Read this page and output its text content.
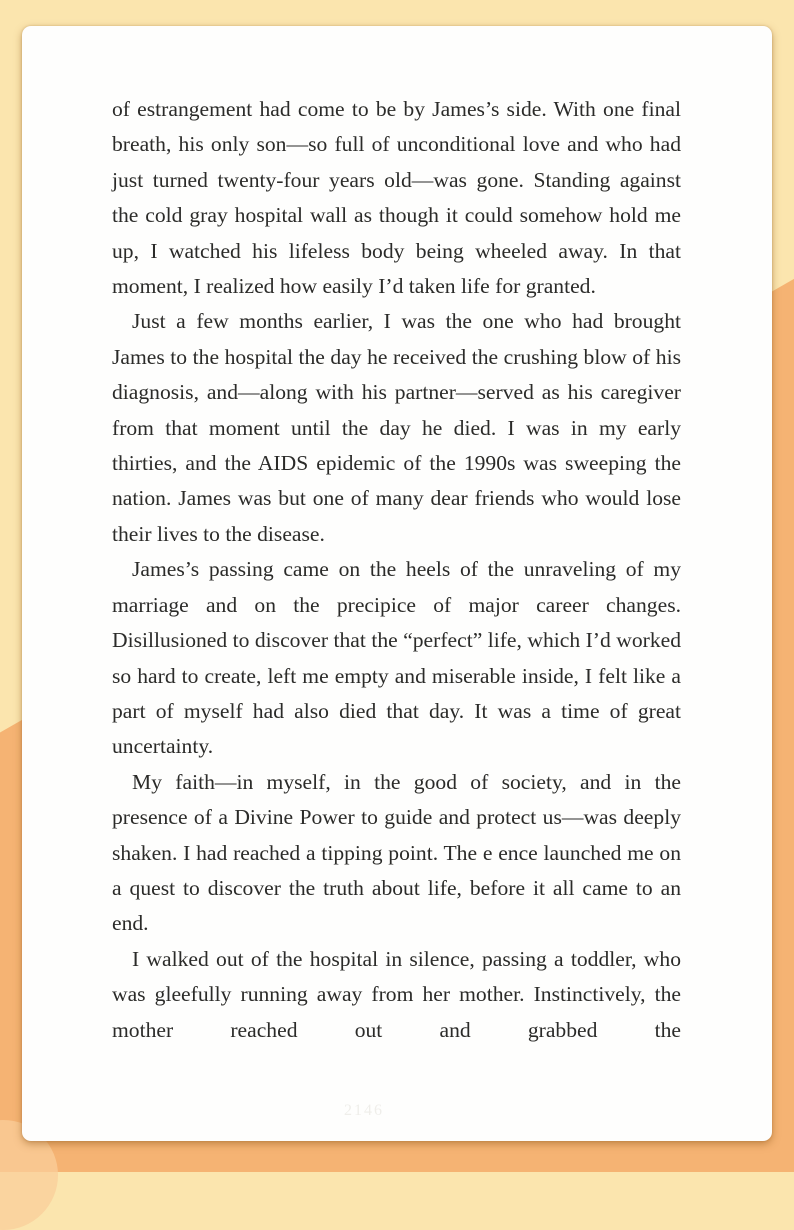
of estrangement had come to be by James’s side. With one final breath, his only son—so full of unconditional love and who had just turned twenty-four years old—was gone. Standing against the cold gray hospital wall as though it could somehow hold me up, I watched his lifeless body being wheeled away. In that moment, I realized how easily I’d taken life for granted.

Just a few months earlier, I was the one who had brought James to the hospital the day he received the crushing blow of his diagnosis, and—along with his partner—served as his caregiver from that moment until the day he died. I was in my early thirties, and the AIDS epidemic of the 1990s was sweeping the nation. James was but one of many dear friends who would lose their lives to the disease.

James’s passing came on the heels of the unraveling of my marriage and on the precipice of major career changes. Disillusioned to discover that the “perfect” life, which I’d worked so hard to create, left me empty and miserable inside, I felt like a part of myself had also died that day. It was a time of great uncertainty.

My faith—in myself, in the good of society, and in the presence of a Divine Power to guide and protect us—was deeply shaken. I had reached a tipping point. The e ence launched me on a quest to discover the truth about life, before it all came to an end.

I walked out of the hospital in silence, passing a toddler, who was gleefully running away from her mother. Instinctively, the mother reached out and grabbed the

2146
